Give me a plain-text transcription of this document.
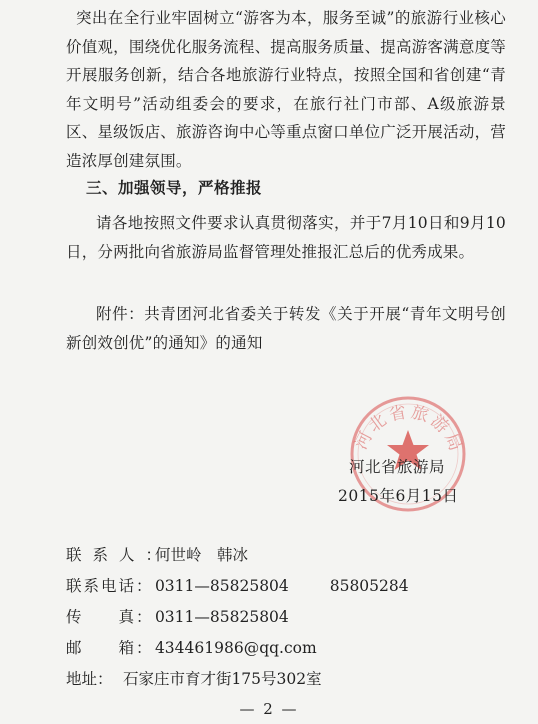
突出在全行业牢固树立“游客为本，服务至诚”的旅游行业核心价值观，围绕优化服务流程、提高服务质量、提高游客满意度等开展服务创新，结合各地旅游行业特点，按照全国和省创建“青年文明号”活动组委会的要求，在旅行社门市部、A级旅游景区、星级饭店、旅游咨询中心等重点窗口单位广泛开展活动，营造浓厚创建氛围。

三、加强领导，严格推报

请各地按照文件要求认真贯彻落实，并于7月10日和9月10日，分两批向省旅游局监督管理处推报汇总后的优秀成果。

附件：共青团河北省委关于转发《关于开展“青年文明号创新创效创优”的通知》的通知

河北省旅游局
河北省旅游局
2015年6月15日
联系人： 何世岭　韩冰
联系电话： 0311—85825804	85805284
传　　真： 0311—85825804
邮　　箱： 434461986@qq.com
地址： 石家庄市育才街175号302室
— 2 —
